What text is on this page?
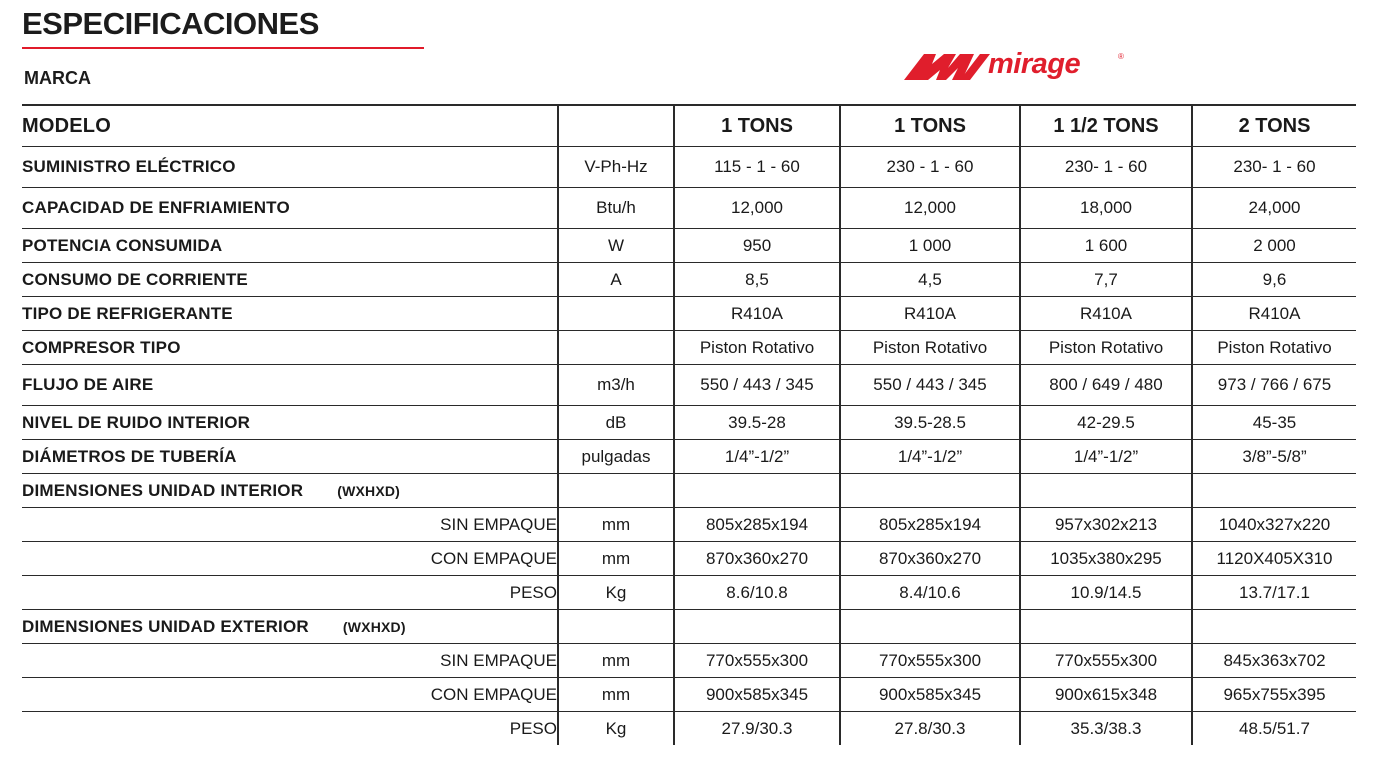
ESPECIFICACIONES
MARCA	mirage	®
MODELO		1 TONS	1 TONS	1 1/2 TONS	2 TONS
SUMINISTRO ELÉCTRICO	V-Ph-Hz	115 - 1 - 60	230 - 1 - 60	230- 1 - 60	230- 1 - 60
CAPACIDAD DE ENFRIAMIENTO	Btu/h	12,000	12,000	18,000	24,000
POTENCIA CONSUMIDA	W	950	1 000	1 600	2 000
CONSUMO DE CORRIENTE	A	8,5	4,5	7,7	9,6
TIPO DE REFRIGERANTE		R410A	R410A	R410A	R410A
COMPRESOR TIPO		Piston Rotativo	Piston Rotativo	Piston Rotativo	Piston Rotativo
FLUJO DE AIRE	m3/h	550 / 443 / 345	550 / 443 / 345	800 / 649 / 480	973 / 766 / 675
NIVEL DE RUIDO INTERIOR	dB	39.5-28	39.5-28.5	42-29.5	45-35
DIÁMETROS DE TUBERÍA	pulgadas	1/4”-1/2”	1/4”-1/2”	1/4”-1/2”	3/8”-5/8”
DIMENSIONES UNIDAD INTERIOR (WXHXD)					
SIN EMPAQUE	mm	805x285x194	805x285x194	957x302x213	1040x327x220
CON EMPAQUE	mm	870x360x270	870x360x270	1035x380x295	1120X405X310
PESO	Kg	8.6/10.8	8.4/10.6	10.9/14.5	13.7/17.1
DIMENSIONES UNIDAD EXTERIOR (WXHXD)					
SIN EMPAQUE	mm	770x555x300	770x555x300	770x555x300	845x363x702
CON EMPAQUE	mm	900x585x345	900x585x345	900x615x348	965x755x395
PESO	Kg	27.9/30.3	27.8/30.3	35.3/38.3	48.5/51.7
